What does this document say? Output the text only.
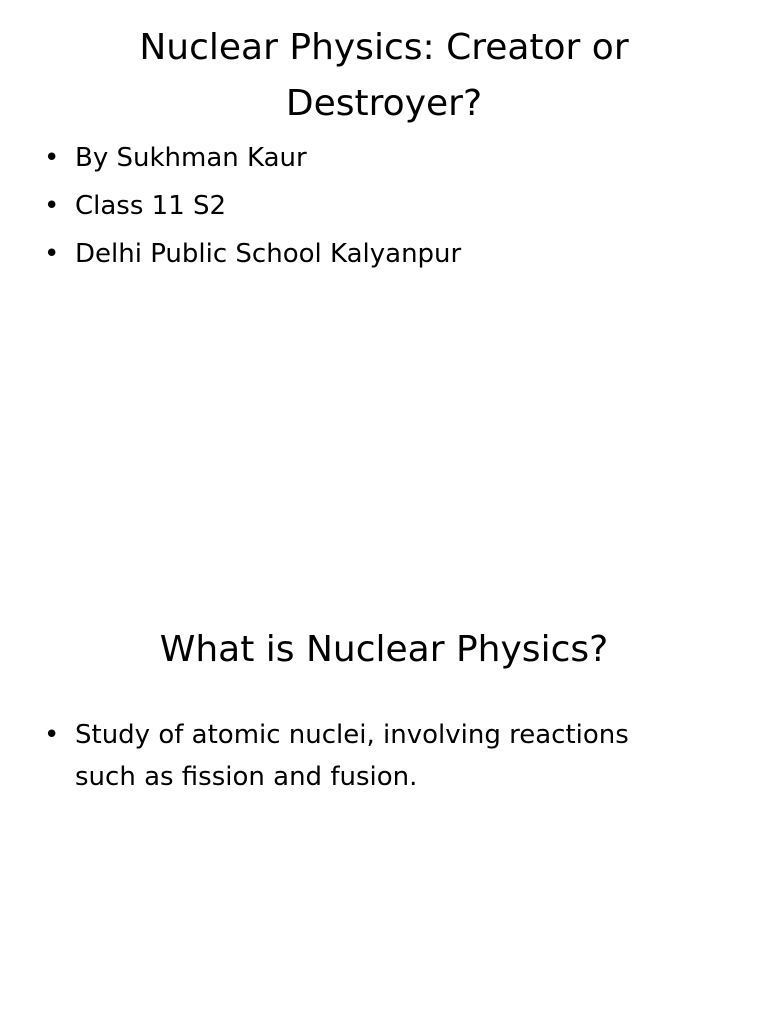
Nuclear Physics: Creator or Destroyer?
• By Sukhman Kaur
• Class 11 S2
• Delhi Public School Kalyanpur
What is Nuclear Physics?
• Study of atomic nuclei, involving reactions such as fission and fusion.
